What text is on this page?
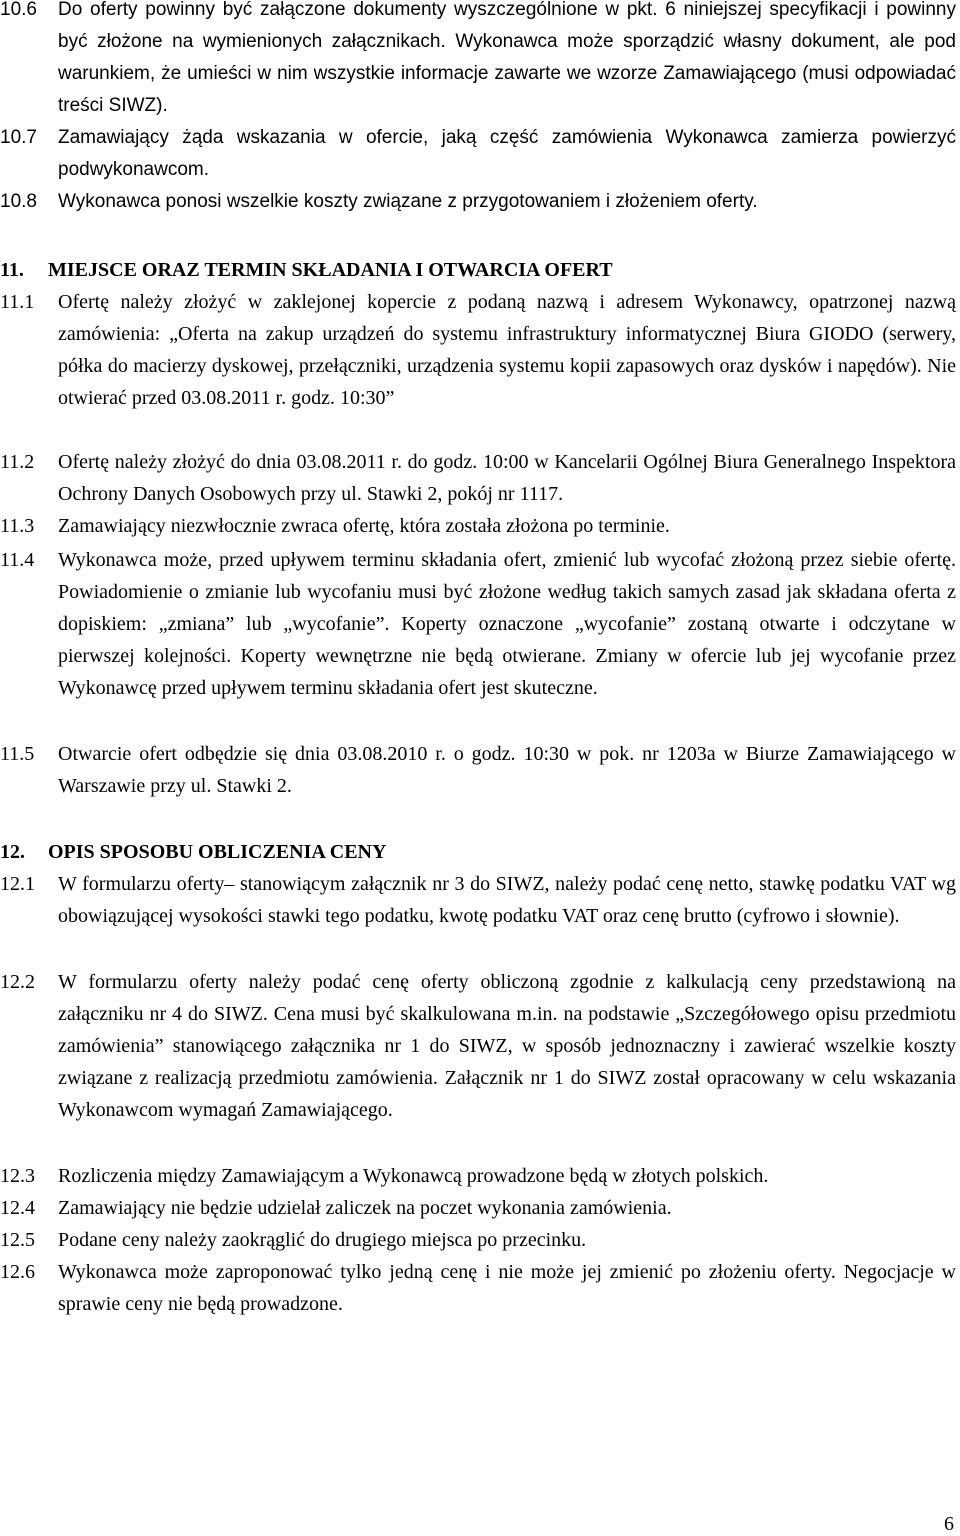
10.6	Do oferty powinny być załączone dokumenty wyszczególnione w pkt. 6 niniejszej specyfikacji i powinny być złożone na wymienionych załącznikach. Wykonawca może sporządzić własny dokument, ale pod warunkiem, że umieści w nim wszystkie informacje zawarte we wzorze Zamawiającego (musi odpowiadać treści SIWZ).
10.7	Zamawiający żąda wskazania w ofercie, jaką część zamówienia Wykonawca zamierza powierzyć podwykonawcom.
10.8	Wykonawca ponosi wszelkie koszty związane z przygotowaniem i złożeniem oferty.
11. MIEJSCE ORAZ TERMIN SKŁADANIA I OTWARCIA OFERT
11.1	Ofertę należy złożyć w zaklejonej kopercie z podaną nazwą i adresem Wykonawcy, opatrzonej nazwą zamówienia: „Oferta na zakup urządzeń do systemu infrastruktury informatycznej Biura GIODO (serwery, półka do macierzy dyskowej, przełączniki, urządzenia systemu kopii zapasowych oraz dysków i napędów). Nie otwierać przed 03.08.2011 r. godz. 10:30”
11.2	Ofertę należy złożyć do dnia 03.08.2011 r. do godz. 10:00 w Kancelarii Ogólnej Biura Generalnego Inspektora Ochrony Danych Osobowych przy ul. Stawki 2, pokój nr 1117.
11.3	Zamawiający niezwłocznie zwraca ofertę, która została złożona po terminie.
11.4	Wykonawca może, przed upływem terminu składania ofert, zmienić lub wycofać złożoną przez siebie ofertę. Powiadomienie o zmianie lub wycofaniu musi być złożone według takich samych zasad jak składana oferta z dopiskiem: „zmiana” lub „wycofanie”. Koperty oznaczone „wycofanie” zostaną otwarte i odczytane w pierwszej kolejności. Koperty wewnętrzne nie będą otwierane. Zmiany w ofercie lub jej wycofanie przez Wykonawcę przed upływem terminu składania ofert jest skuteczne.
11.5	Otwarcie ofert odbędzie się dnia 03.08.2010 r. o godz. 10:30 w pok. nr 1203a w Biurze Zamawiającego w Warszawie przy ul. Stawki 2.
12. OPIS SPOSOBU OBLICZENIA CENY
12.1	W formularzu oferty– stanowiącym załącznik nr 3 do SIWZ, należy podać cenę netto, stawkę podatku VAT wg obowiązującej wysokości stawki tego podatku, kwotę podatku VAT oraz cenę brutto (cyfrowo i słownie).
12.2	W formularzu oferty należy podać cenę oferty obliczoną zgodnie z kalkulacją ceny przedstawioną na załączniku nr 4 do SIWZ. Cena musi być skalkulowana m.in. na podstawie „Szczegółowego opisu przedmiotu zamówienia” stanowiącego załącznika nr 1 do SIWZ, w sposób jednoznaczny i zawierać wszelkie koszty związane z realizacją przedmiotu zamówienia. Załącznik nr 1 do SIWZ został opracowany w celu wskazania Wykonawcom wymagań Zamawiającego.
12.3	Rozliczenia między Zamawiającym a Wykonawcą prowadzone będą w złotych polskich.
12.4	Zamawiający nie będzie udzielał zaliczek na poczet wykonania zamówienia.
12.5	Podane ceny należy zaokrąglić do drugiego miejsca po przecinku.
12.6	Wykonawca może zaproponować tylko jedną cenę i nie może jej zmienić po złożeniu oferty. Negocjacje w sprawie ceny nie będą prowadzone.
6
